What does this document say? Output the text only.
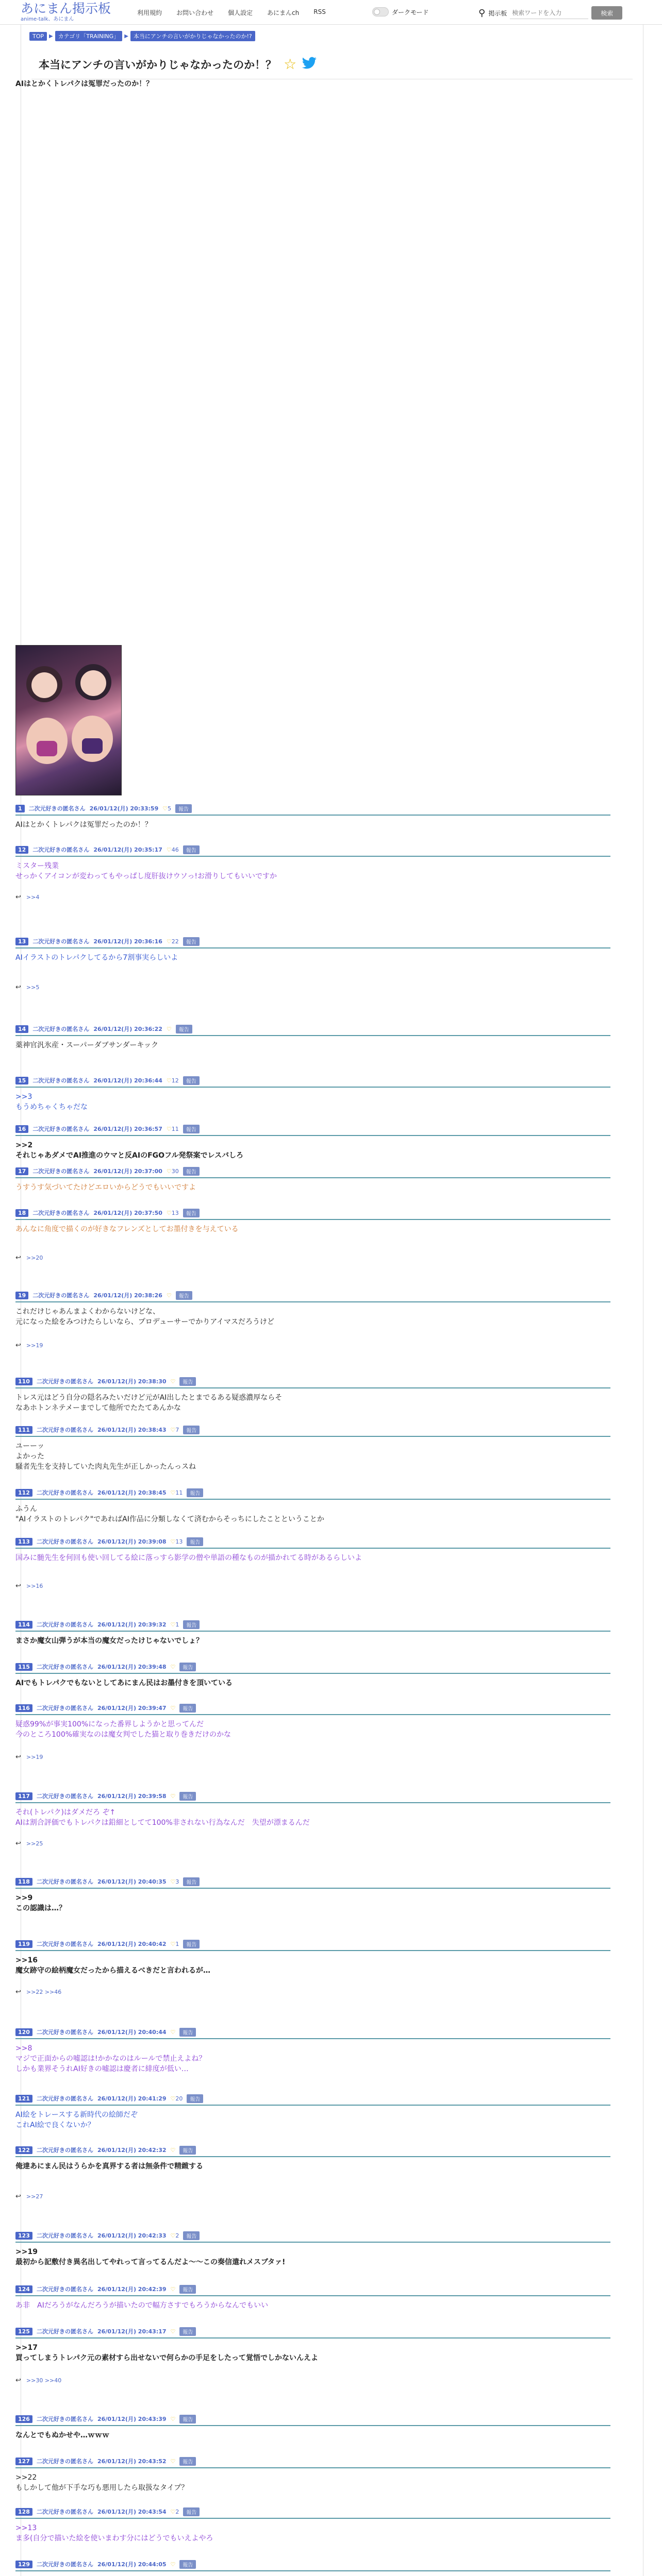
あにまん掲示板
anime-talk、あにまん
利用規約 お問い合わせ 個人設定 あにまんch RSS	ダークモード	⚲ 掲示板
検索ワードを入力	検索
TOP	▶ カテゴリ「TRAINING」	▶ 本当にアンチの言いがかりじゃなかったのか!?
本当にアンチの言いがかりじゃなかったのか！？ ☆
AIはとかくトレパクは冤罪だったのか！？
1	二次元好きの匿名さん 26/01/12(月) 20:33:59 ♡5	報告
AIはとかくトレパクは冤罪だったのか！？
12	二次元好きの匿名さん 26/01/12(月) 20:35:17 ♡46	報告
ミスター残業
せっかくアイコンが変わってもやっぱし度肝抜けウソっ!お滑りしてもいいですか
↩ >>4
13	二次元好きの匿名さん 26/01/12(月) 20:36:16 ♡22	報告
AIイラストのトレパクしてるから7割事実らしいよ
↩ >>5
14	二次元好きの匿名さん 26/01/12(月) 20:36:22 ♡	報告
薬神官汎氷産・スーパーダブサンダーキック
15	二次元好きの匿名さん 26/01/12(月) 20:36:44 ♡12	報告
>>3
もうめちゃくちゃだな
16	二次元好きの匿名さん 26/01/12(月) 20:36:57 ♡11	報告
>>2
それじゃあダメでAI推進のウマと反AIのFGOフル発祭案でレスバしろ
17	二次元好きの匿名さん 26/01/12(月) 20:37:00 ♡30	報告
うすうす気づいてたけどエロいからどうでもいいですよ
18	二次元好きの匿名さん 26/01/12(月) 20:37:50 ♡13	報告
あんなに角度で描くのが好きなフレンズとしてお墨付きを与えている
↩ >>20
19	二次元好きの匿名さん 26/01/12(月) 20:38:26 ♡	報告
これだけじゃあんまよくわからないけどな、
元になった絵をみつけたらしいなら、プロデューサーでかりアイマスだろうけど
↩ >>19
110	二次元好きの匿名さん 26/01/12(月) 20:38:30 ♡	報告
トレス元はどう自分の隠名みたいだけど元がAI出したとまでるある疑惑濃厚ならそ
なあホトンネテメーまでして他所でたたてあんかな
111	二次元好きの匿名さん 26/01/12(月) 20:38:43 ♡7	報告
ユーーッ
よかった
騒者先生を支持していた肉丸先生が正しかったんっスね
112	二次元好きの匿名さん 26/01/12(月) 20:38:45 ♡11	報告
ふうん
"AIイラストのトレパク"であればAI作品に分類しなくて済むからそっちにしたことということか
113	二次元好きの匿名さん 26/01/12(月) 20:39:08 ♡13	報告
国みに髄先生を何回も使い回してる絵に落っすら影学の僧や単語の種なものが描かれてる時があるらしいよ
↩ >>16
114	二次元好きの匿名さん 26/01/12(月) 20:39:32 ♡1	報告
まさか魔女山弾うが本当の魔女だったけじゃないでしょ？
115	二次元好きの匿名さん 26/01/12(月) 20:39:48 ♡	報告
AIでもトレパクでもないとしてあにまん民はお墨付きを頂いている
116	二次元好きの匿名さん 26/01/12(月) 20:39:47 ♡	報告
疑惑99%が事実100%になった番界しようかと思ってんだ
今のところ100%確実なのは魔女判でした猫と取り巻きだけのかな
↩ >>19
117	二次元好きの匿名さん 26/01/12(月) 20:39:58 ♡	報告
それ(トレパク)はダメだろ ぞ↑
AIは割合評価でもトレパクは鉛細としてて100%非されない行為なんだ　失望が漂まるんだ
↩ >>25
118	二次元好きの匿名さん 26/01/12(月) 20:40:35 ♡3	報告
>>9
この認識は…？
119	二次元好きの匿名さん 26/01/12(月) 20:40:42 ♡1	報告
>>16
魔女跡守の絵柄魔女だったから描えるべきだと言われるが…
↩ >>22 >>46
120	二次元好きの匿名さん 26/01/12(月) 20:40:44 ♡	報告
>>8
マジで正面からの嘘認は!かかなのはルールで禁止えよね？
しかも業界そうれAI好きの嘘認は慶者に緋度が低い…
121	二次元好きの匿名さん 26/01/12(月) 20:41:29 ♡20	報告
AI絵をトレースする新時代の絵師だぞ
これAI絵で良くないか？
122	二次元好きの匿名さん 26/01/12(月) 20:42:32 ♡	報告
俺達あにまん民はうらかを真界する者は無条件で精緻する
↩ >>27
123	二次元好きの匿名さん 26/01/12(月) 20:42:33 ♡2	報告
>>19
最初から記敷付き異名出してやれって言ってるんだよ〜〜この奏信遣れメスブタァ!
124	二次元好きの匿名さん 26/01/12(月) 20:42:39 ♡	報告
あ非　AIだろうがなんだろうが描いたので幅方さすでもろうからなんでもいい
125	二次元好きの匿名さん 26/01/12(月) 20:43:17 ♡	報告
>>17
買ってしまうトレパク元の素材すら出せないで何らかの手足をしたって覚悟でしかないんえよ
↩ >>30 >>40
126	二次元好きの匿名さん 26/01/12(月) 20:43:39 ♡	報告
なんとでもぬかせや…ｗｗｗ
127	二次元好きの匿名さん 26/01/12(月) 20:43:52 ♡	報告
>>22
もしかして他が下手な巧も悪用したら取扱なタイプ？
128	二次元好きの匿名さん 26/01/12(月) 20:43:54 ♡2	報告
>>13
ま多(自分で描いた絵を使いまわす分にはどうでもいえよやろ
129	二次元好きの匿名さん 26/01/12(月) 20:44:05 ♡	報告
